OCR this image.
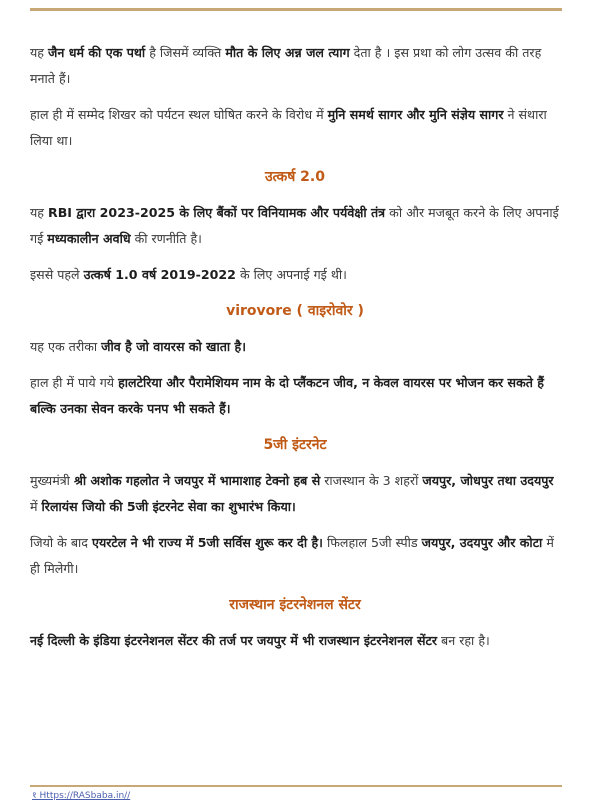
यह जैन धर्म की एक पर्था है जिसमें व्यक्ति मौत के लिए अन्न जल त्याग देता है । इस प्रथा को लोग उत्सव की तरह मनाते हैं।

हाल ही में सम्मेद शिखर को पर्यटन स्थल घोषित करने के विरोध में मुनि समर्थ सागर और मुनि संज्ञेय सागर ने संथारा लिया था।

उत्कर्ष 2.0

यह RBI द्वारा 2023-2025 के लिए बैंकों पर विनियामक और पर्यवेक्षी तंत्र को और मजबूत करने के लिए अपनाई गई मध्यकालीन अवधि की रणनीति है।

इससे पहले उत्कर्ष 1.0 वर्ष 2019-2022 के लिए अपनाई गई थी।

virovore ( वाइरोवोर )

यह एक तरीका जीव है जो वायरस को खाता है।

हाल ही में पाये गये हालटेरिया और पैरामेशियम नाम के दो प्लैंकटन जीव, न केवल वायरस पर भोजन कर सकते हैं बल्कि उनका सेवन करके पनप भी सकते हैं।

5जी इंटरनेट

मुख्यमंत्री श्री अशोक गहलोत ने जयपुर में भामाशाह टेक्नो हब से राजस्थान के 3 शहरों जयपुर, जोधपुर तथा उदयपुर में रिलायंस जियो की 5जी इंटरनेट सेवा का शुभारंभ किया।

जियो के बाद एयरटेल ने भी राज्य में 5जी सर्विस शुरू कर दी है। फिलहाल 5जी स्पीड जयपुर, उदयपुर और कोटा में ही मिलेगी।

राजस्थान इंटरनेशनल सेंटर

नई दिल्ली के इंडिया इंटरनेशनल सेंटर की तर्ज पर जयपुर में भी राजस्थान इंटरनेशनल सेंटर बन रहा है।

१ Https://RASbaba.in//
